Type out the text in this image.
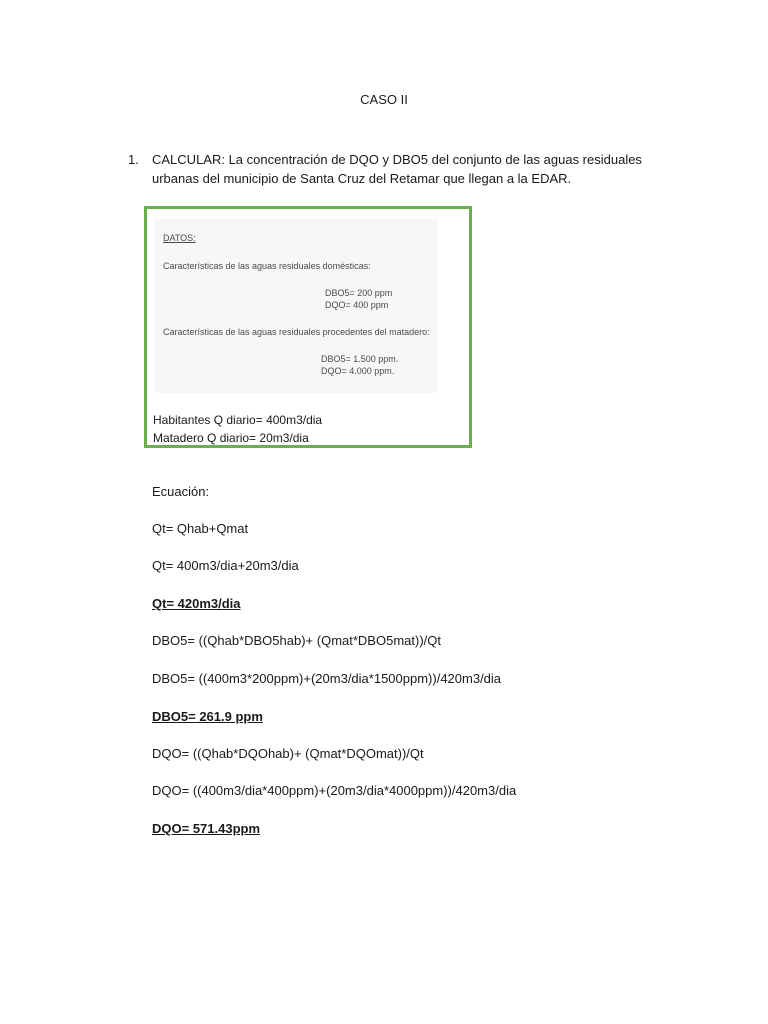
CASO II
1.	CALCULAR: La concentración de DQO y DBO5 del conjunto de las aguas residuales urbanas del municipio de Santa Cruz del Retamar que llegan a la EDAR.
DATOS:
Características de las aguas residuales domésticas:
DBO5= 200 ppm
DQO= 400 ppm
Características de las aguas residuales procedentes del matadero:
DBO5= 1.500 ppm.
DQO= 4.000 ppm.
Habitantes Q diario= 400m3/dia
Matadero Q diario= 20m3/dia
Ecuación:
Qt= Qhab+Qmat
Qt= 400m3/dia+20m3/dia
Qt= 420m3/dia
DBO5= ((Qhab*DBO5hab)+ (Qmat*DBO5mat))/Qt
DBO5= ((400m3*200ppm)+(20m3/dia*1500ppm))/420m3/dia
DBO5= 261.9 ppm
DQO= ((Qhab*DQOhab)+ (Qmat*DQOmat))/Qt
DQO= ((400m3/dia*400ppm)+(20m3/dia*4000ppm))/420m3/dia
DQO= 571.43ppm
